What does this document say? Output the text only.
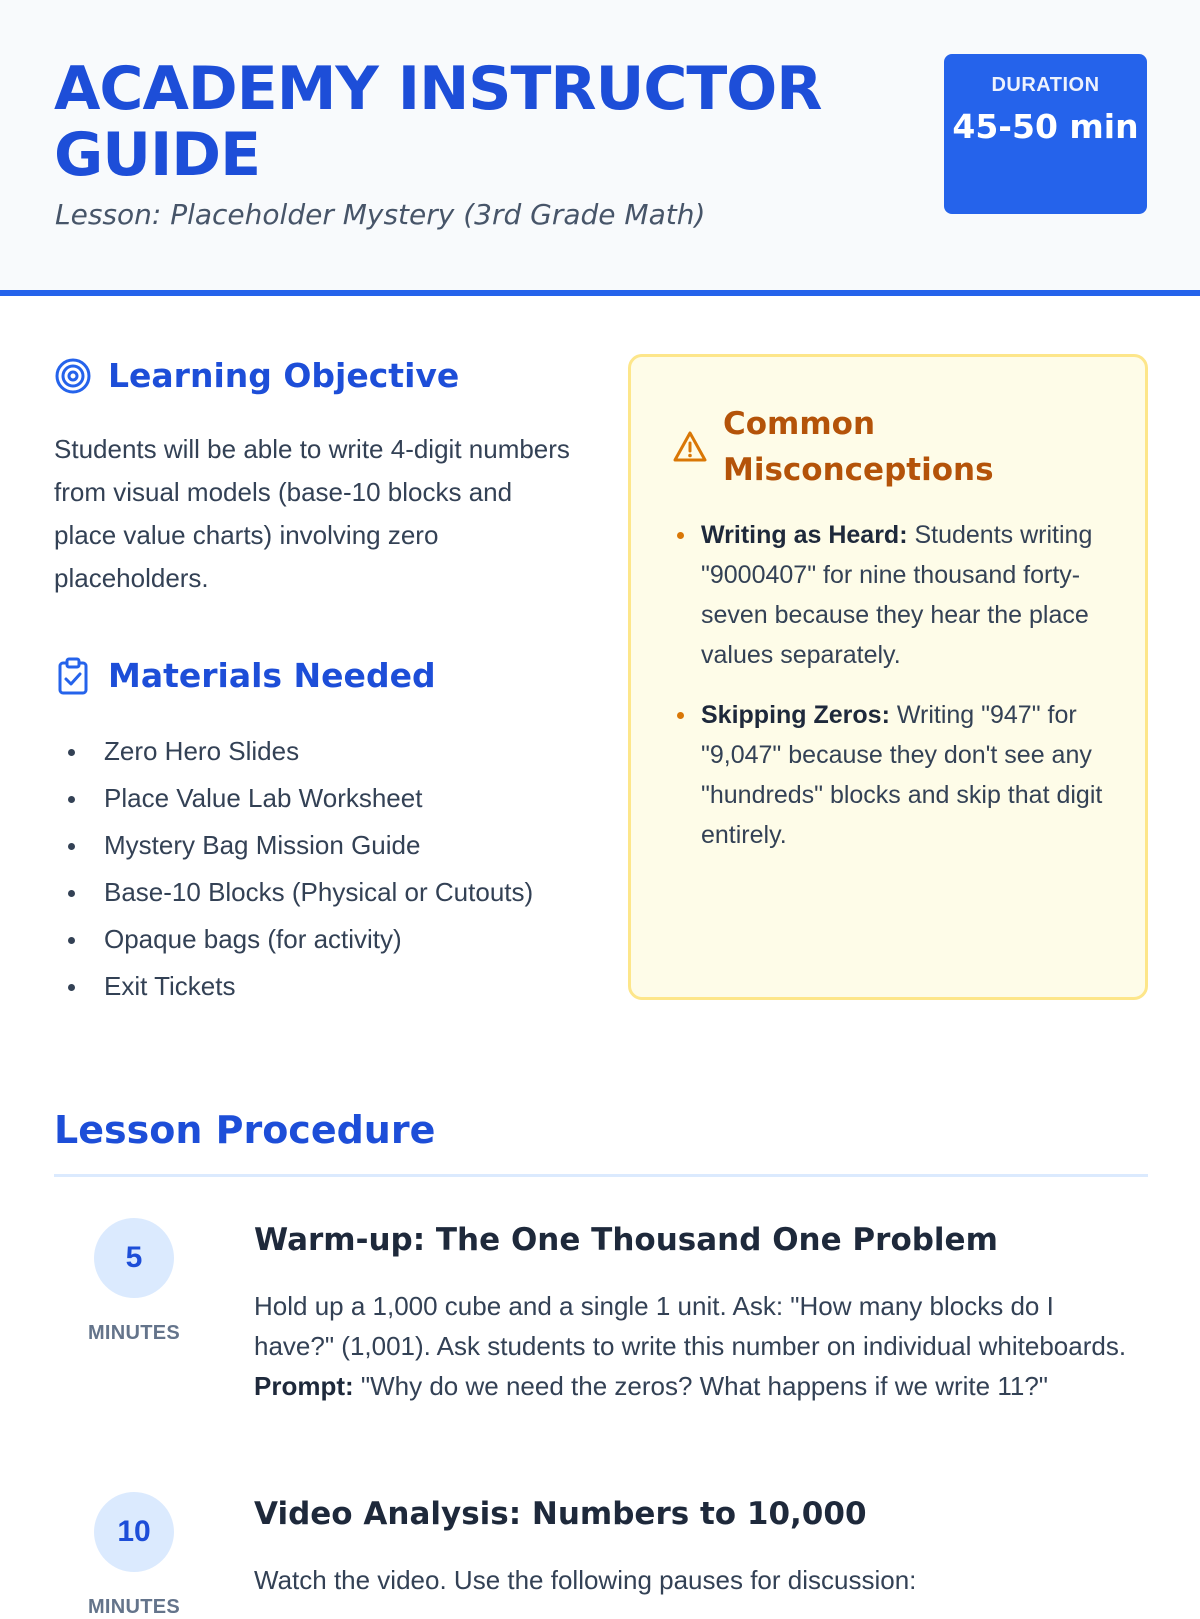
ACADEMY INSTRUCTOR GUIDE
Lesson: Placeholder Mystery (3rd Grade Math)
DURATION
45-50 min
Learning Objective

Students will be able to write 4-digit numbers from visual models (base-10 blocks and place value charts) involving zero placeholders.

Materials Needed
Zero Hero Slides
Place Value Lab Worksheet
Mystery Bag Mission Guide
Base-10 Blocks (Physical or Cutouts)
Opaque bags (for activity)
Exit Tickets
Common Misconceptions
Writing as Heard: Students writing "9000407" for nine thousand forty-seven because they hear the place values separately.
Skipping Zeros: Writing "947" for "9,047" because they don't see any "hundreds" blocks and skip that digit entirely.
Lesson Procedure
5
MINUTES
Warm-up: The One Thousand One Problem

Hold up a 1,000 cube and a single 1 unit. Ask: "How many blocks do I have?" (1,001). Ask students to write this number on individual whiteboards. Prompt: "Why do we need the zeros? What happens if we write 11?"

10
MINUTES
Video Analysis: Numbers to 10,000

Watch the video. Use the following pauses for discussion:
